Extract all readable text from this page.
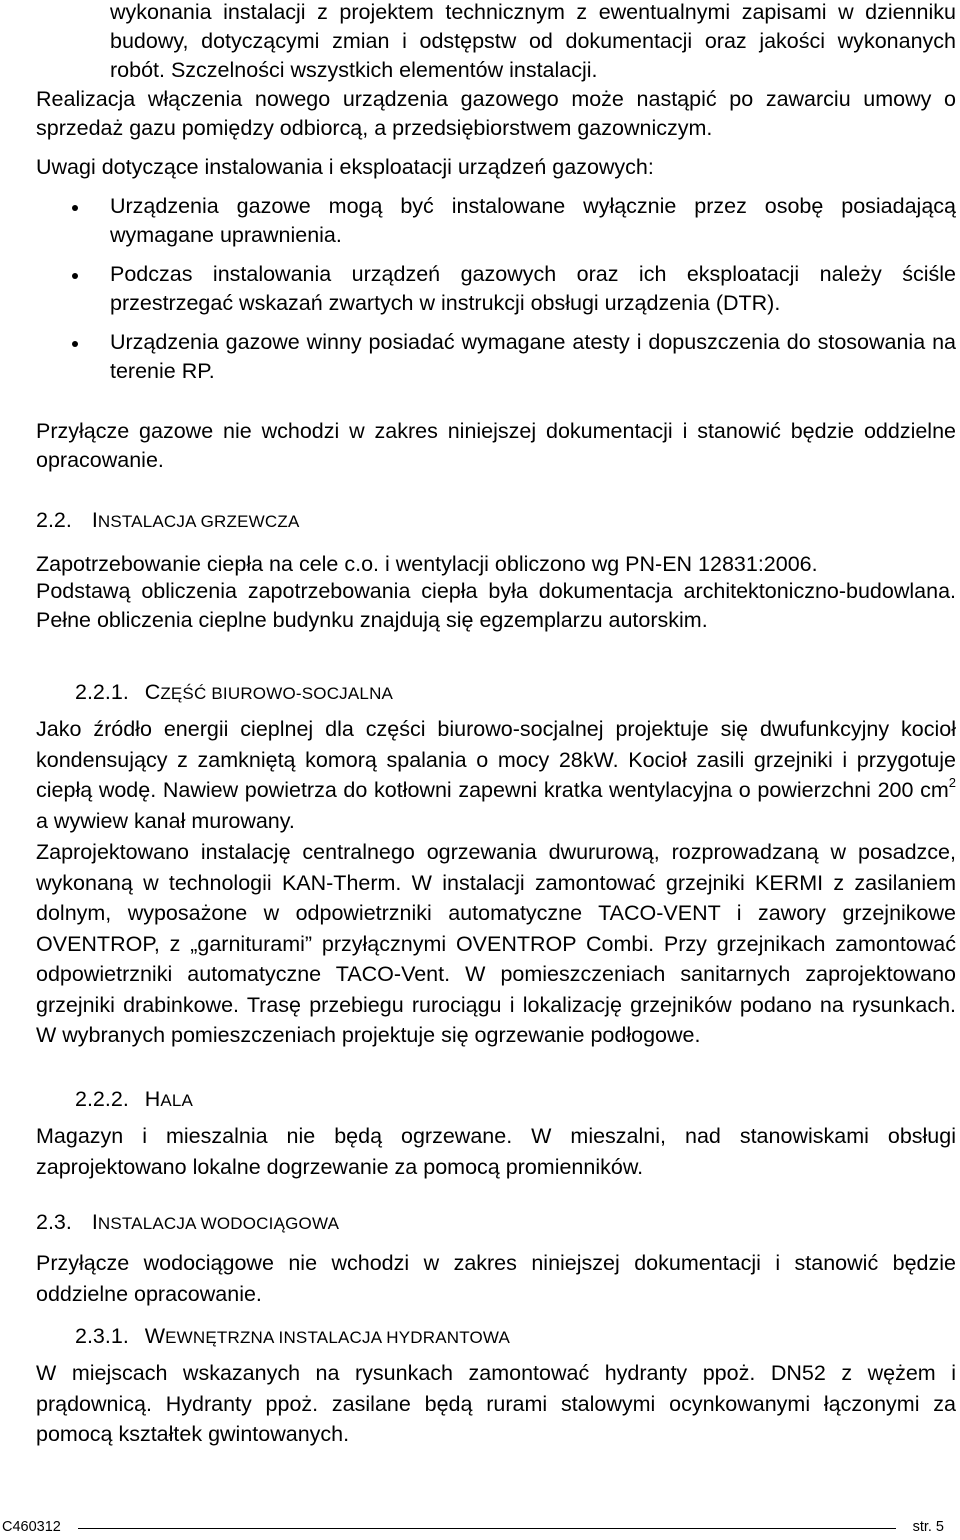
wykonania instalacji z projektem technicznym z ewentualnymi zapisami w dzienniku budowy, dotyczącymi zmian i odstępstw od dokumentacji oraz jakości wykonanych robót. Szczelności wszystkich elementów instalacji.

Realizacja włączenia nowego urządzenia gazowego może nastąpić po zawarciu umowy o sprzedaż gazu pomiędzy odbiorcą, a przedsiębiorstwem gazowniczym.

Uwagi dotyczące instalowania i eksploatacji urządzeń gazowych:

Urządzenia gazowe mogą być instalowane wyłącznie przez osobę posiadającą wymagane uprawnienia.
Podczas instalowania urządzeń gazowych oraz ich eksploatacji należy ściśle przestrzegać wskazań zwartych w instrukcji obsługi urządzenia (DTR).
Urządzenia gazowe winny posiadać wymagane atesty i dopuszczenia do stosowania na terenie RP.

Przyłącze gazowe nie wchodzi w zakres niniejszej dokumentacji i stanowić będzie oddzielne opracowanie.

2.2. INSTALACJA GRZEWCZA

Zapotrzebowanie ciepła na cele c.o. i wentylacji obliczono wg PN-EN 12831:2006.

Podstawą obliczenia zapotrzebowania ciepła była dokumentacja architektoniczno-budowlana. Pełne obliczenia cieplne budynku znajdują się egzemplarzu autorskim.

2.2.1. CZĘŚĆ BIUROWO-SOCJALNA

Jako źródło energii cieplnej dla części biurowo-socjalnej projektuje się dwufunkcyjny kocioł kondensujący z zamkniętą komorą spalania o mocy 28kW. Kocioł zasili grzejniki i przygotuje ciepłą wodę. Nawiew powietrza do kotłowni zapewni kratka wentylacyjna o powierzchni 200 $cm^2$ a wywiew kanał murowany.

Zaprojektowano instalację centralnego ogrzewania dwururową, rozprowadzaną w posadzce, wykonaną w technologii KAN-Therm. W instalacji zamontować grzejniki KERMI z zasilaniem dolnym, wyposażone w odpowietrzniki automatyczne TACO-VENT i zawory grzejnikowe OVENTROP, z „garniturami” przyłącznymi OVENTROP Combi. Przy grzejnikach zamontować odpowietrzniki automatyczne TACO-Vent. W pomieszczeniach sanitarnych zaprojektowano grzejniki drabinkowe. Trasę przebiegu rurociągu i lokalizację grzejników podano na rysunkach. W wybranych pomieszczeniach projektuje się ogrzewanie podłogowe.

2.2.2. HALA

Magazyn i mieszalnia nie będą ogrzewane. W mieszalni, nad stanowiskami obsługi zaprojektowano lokalne dogrzewanie za pomocą promienników.

2.3. INSTALACJA WODOCIĄGOWA

Przyłącze wodociągowe nie wchodzi w zakres niniejszej dokumentacji i stanowić będzie oddzielne opracowanie.

2.3.1. WEWNĘTRZNA INSTALACJA HYDRANTOWA

W miejscach wskazanych na rysunkach zamontować hydranty ppoż. DN52 z wężem i prądownicą. Hydranty ppoż. zasilane będą rurami stalowymi ocynkowanymi łączonymi za pomocą kształtek gwintowanych.

C460312	str. 5
